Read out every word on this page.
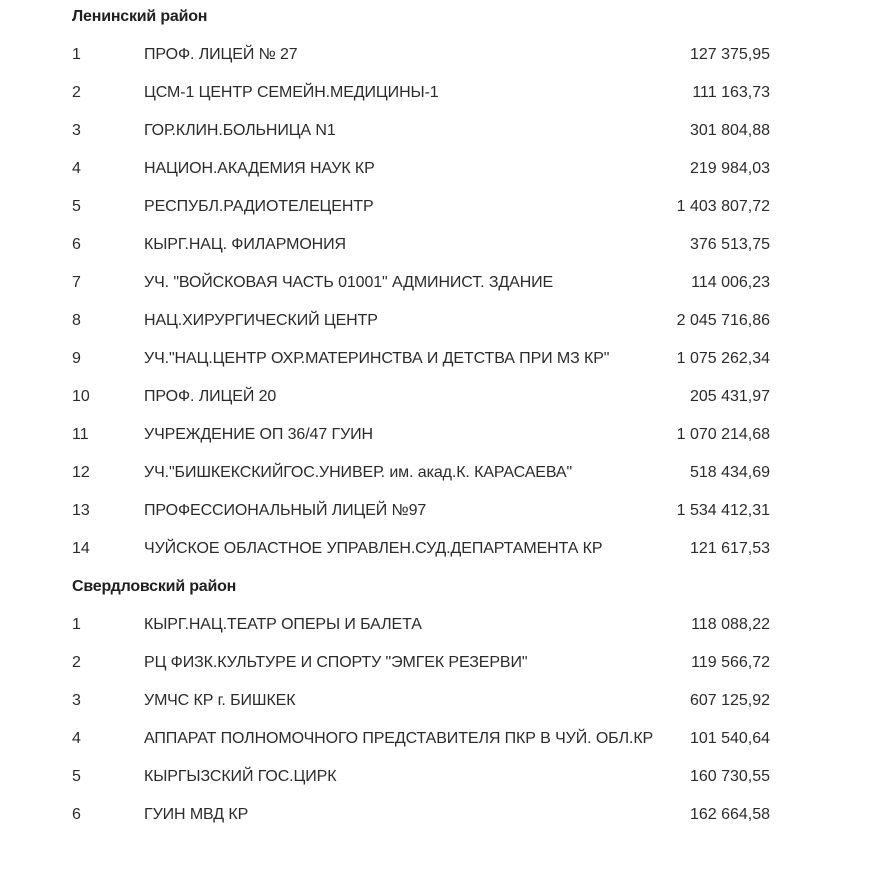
Ленинский район		
1	ПРОФ. ЛИЦЕЙ № 27	127 375,95
2	ЦСМ-1 ЦЕНТР СЕМЕЙН.МЕДИЦИНЫ-1	111 163,73
3	ГОР.КЛИН.БОЛЬНИЦА N1	301 804,88
4	НАЦИОН.АКАДЕМИЯ НАУК КР	219 984,03
5	РЕСПУБЛ.РАДИОТЕЛЕЦЕНТР	1 403 807,72
6	КЫРГ.НАЦ. ФИЛАРМОНИЯ	376 513,75
7	УЧ. "ВОЙСКОВАЯ ЧАСТЬ 01001" АДМИНИСТ. ЗДАНИЕ	114 006,23
8	НАЦ.ХИРУРГИЧЕСКИЙ ЦЕНТР	2 045 716,86
9	УЧ."НАЦ.ЦЕНТР ОХР.МАТЕРИНСТВА И ДЕТСТВА ПРИ МЗ КР"	1 075 262,34
10	ПРОФ. ЛИЦЕЙ 20	205 431,97
11	УЧРЕЖДЕНИЕ ОП 36/47 ГУИН	1 070 214,68
12	УЧ."БИШКЕКСКИЙГОС.УНИВЕР. им. акад.К. КАРАСАЕВА"	518 434,69
13	ПРОФЕССИОНАЛЬНЫЙ ЛИЦЕЙ №97	1 534 412,31
14	ЧУЙСКОЕ ОБЛАСТНОЕ УПРАВЛЕН.СУД.ДЕПАРТАМЕНТА КР	121 617,53
Свердловский район		
1	КЫРГ.НАЦ.ТЕАТР ОПЕРЫ И БАЛЕТА	118 088,22
2	РЦ ФИЗК.КУЛЬТУРЕ И СПОРТУ "ЭМГЕК РЕЗЕРВИ"	119 566,72
3	УМЧС КР г. БИШКЕК	607 125,92
4	АППАРАТ ПОЛНОМОЧНОГО ПРЕДСТАВИТЕЛЯ ПКР В ЧУЙ. ОБЛ.КР	101 540,64
5	КЫРГЫЗСКИЙ ГОС.ЦИРК	160 730,55
6	ГУИН МВД КР	162 664,58
